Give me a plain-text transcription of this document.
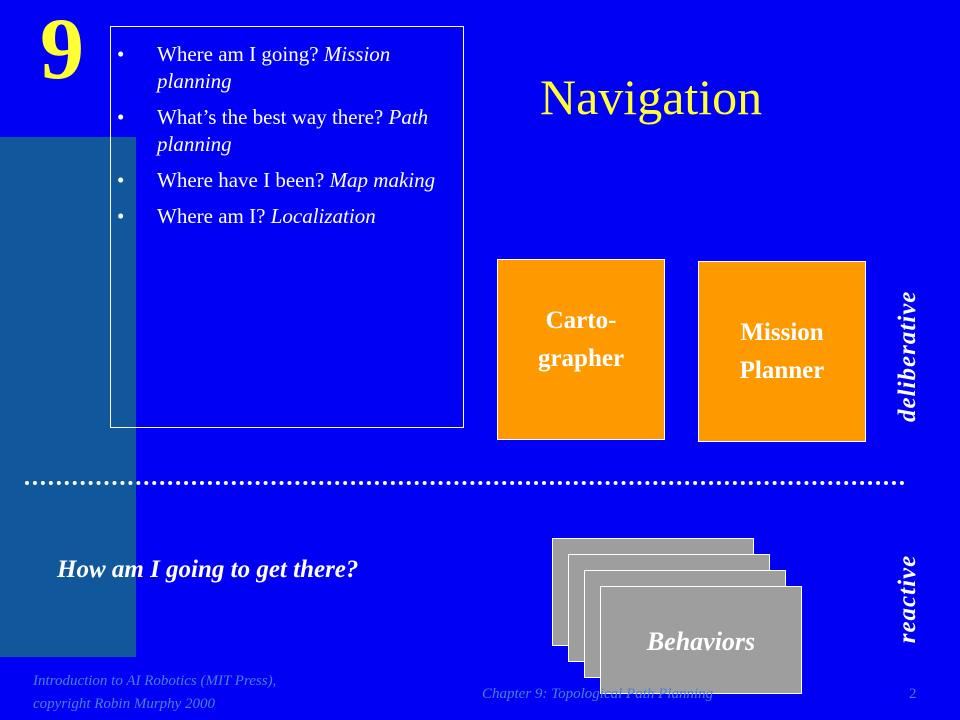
9 • Where am I going? Mission planning
• What’s the best way there? Path planning
• Where have I been? Map making
• Where am I? Localization
Navigation
Carto-
grapher
Mission
Planner	deliberative
Behaviors	reactive
How am I going to get there?
Introduction to AI Robotics (MIT Press),
copyright Robin Murphy 2000
Chapter 9: Topological Path Planning	2
